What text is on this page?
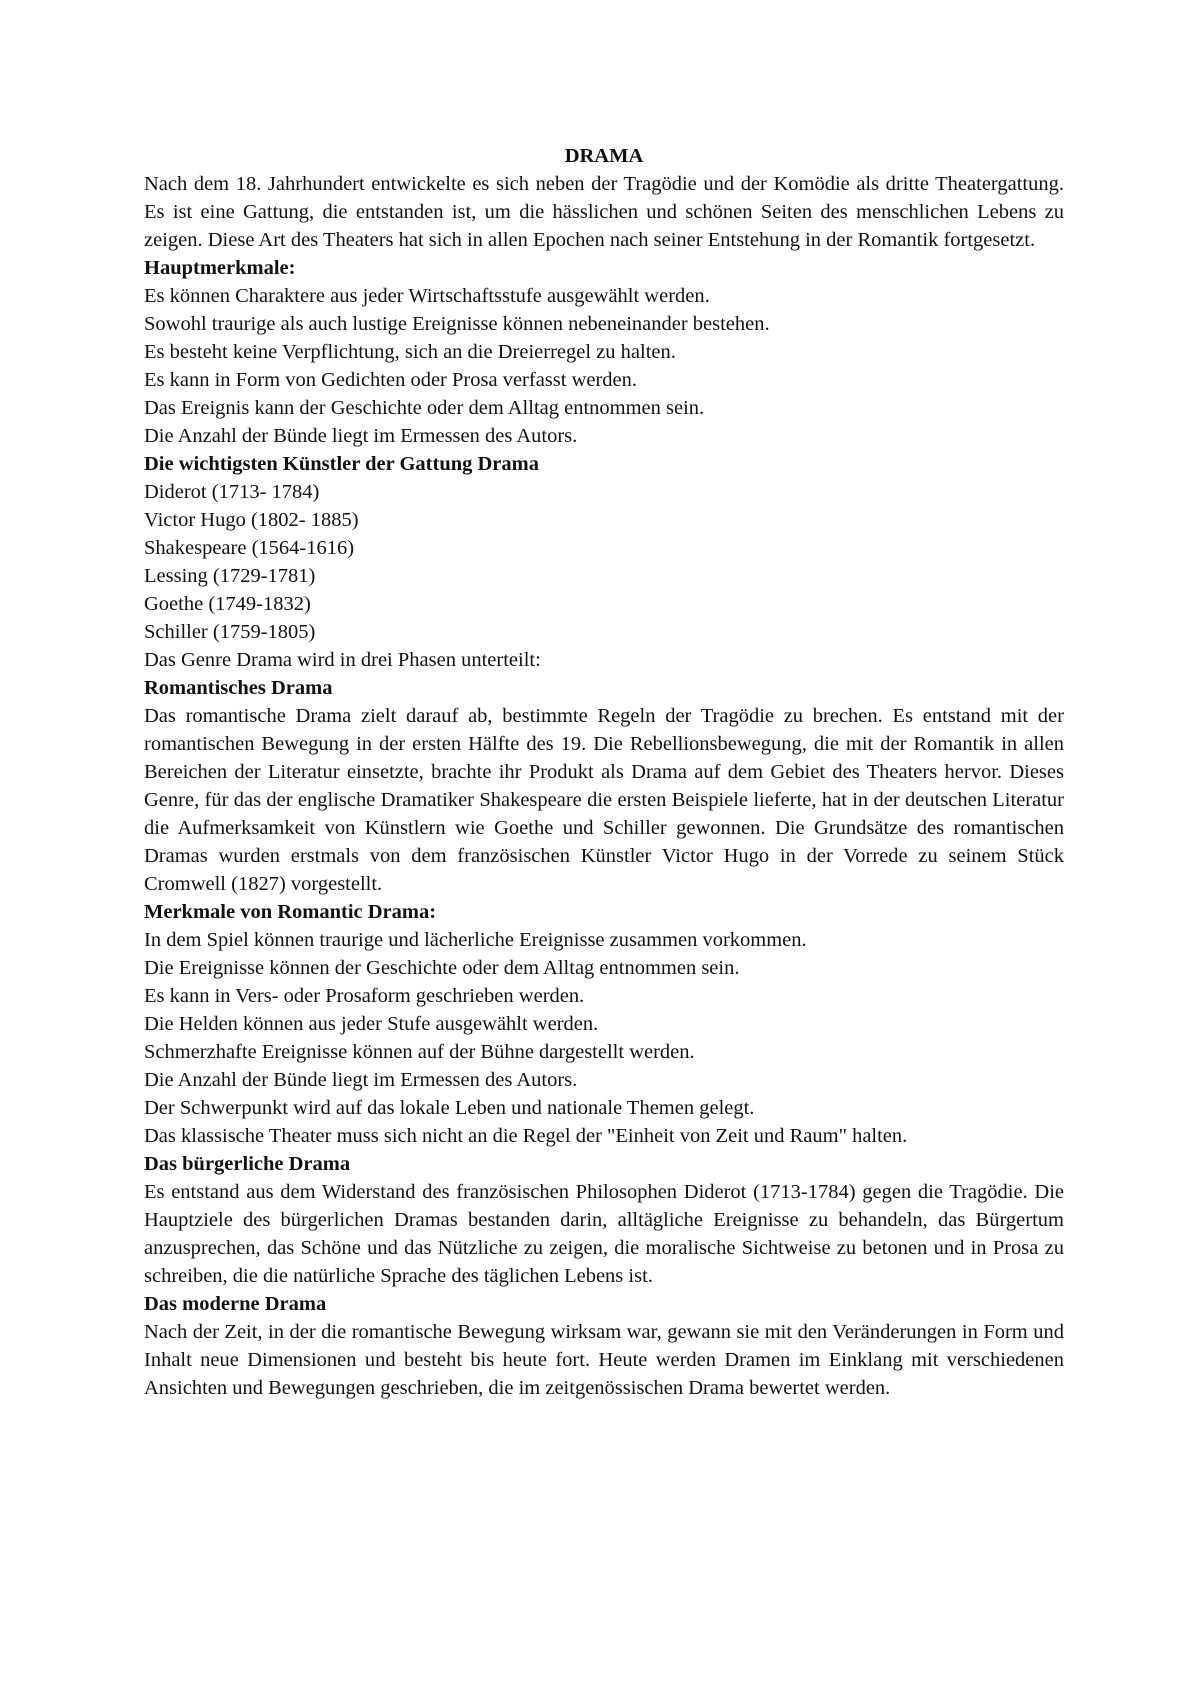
DRAMA

Nach dem 18. Jahrhundert entwickelte es sich neben der Tragödie und der Komödie als dritte Theatergattung. Es ist eine Gattung, die entstanden ist, um die hässlichen und schönen Seiten des menschlichen Lebens zu zeigen. Diese Art des Theaters hat sich in allen Epochen nach seiner Entstehung in der Romantik fortgesetzt.

Hauptmerkmale:

Es können Charaktere aus jeder Wirtschaftsstufe ausgewählt werden.

Sowohl traurige als auch lustige Ereignisse können nebeneinander bestehen.

Es besteht keine Verpflichtung, sich an die Dreierregel zu halten.

Es kann in Form von Gedichten oder Prosa verfasst werden.

Das Ereignis kann der Geschichte oder dem Alltag entnommen sein.

Die Anzahl der Bünde liegt im Ermessen des Autors.

Die wichtigsten Künstler der Gattung Drama

Diderot (1713- 1784)

Victor Hugo (1802- 1885)

Shakespeare (1564-1616)

Lessing (1729-1781)

Goethe (1749-1832)

Schiller (1759-1805)

Das Genre Drama wird in drei Phasen unterteilt:

Romantisches Drama

Das romantische Drama zielt darauf ab, bestimmte Regeln der Tragödie zu brechen. Es entstand mit der romantischen Bewegung in der ersten Hälfte des 19. Die Rebellionsbewegung, die mit der Romantik in allen Bereichen der Literatur einsetzte, brachte ihr Produkt als Drama auf dem Gebiet des Theaters hervor. Dieses Genre, für das der englische Dramatiker Shakespeare die ersten Beispiele lieferte, hat in der deutschen Literatur die Aufmerksamkeit von Künstlern wie Goethe und Schiller gewonnen. Die Grundsätze des romantischen Dramas wurden erstmals von dem französischen Künstler Victor Hugo in der Vorrede zu seinem Stück Cromwell (1827) vorgestellt.

Merkmale von Romantic Drama:

In dem Spiel können traurige und lächerliche Ereignisse zusammen vorkommen.

Die Ereignisse können der Geschichte oder dem Alltag entnommen sein.

Es kann in Vers- oder Prosaform geschrieben werden.

Die Helden können aus jeder Stufe ausgewählt werden.

Schmerzhafte Ereignisse können auf der Bühne dargestellt werden.

Die Anzahl der Bünde liegt im Ermessen des Autors.

Der Schwerpunkt wird auf das lokale Leben und nationale Themen gelegt.

Das klassische Theater muss sich nicht an die Regel der "Einheit von Zeit und Raum" halten.

Das bürgerliche Drama

Es entstand aus dem Widerstand des französischen Philosophen Diderot (1713-1784) gegen die Tragödie. Die Hauptziele des bürgerlichen Dramas bestanden darin, alltägliche Ereignisse zu behandeln, das Bürgertum anzusprechen, das Schöne und das Nützliche zu zeigen, die moralische Sichtweise zu betonen und in Prosa zu schreiben, die die natürliche Sprache des täglichen Lebens ist.

Das moderne Drama

Nach der Zeit, in der die romantische Bewegung wirksam war, gewann sie mit den Veränderungen in Form und Inhalt neue Dimensionen und besteht bis heute fort. Heute werden Dramen im Einklang mit verschiedenen Ansichten und Bewegungen geschrieben, die im zeitgenössischen Drama bewertet werden.
